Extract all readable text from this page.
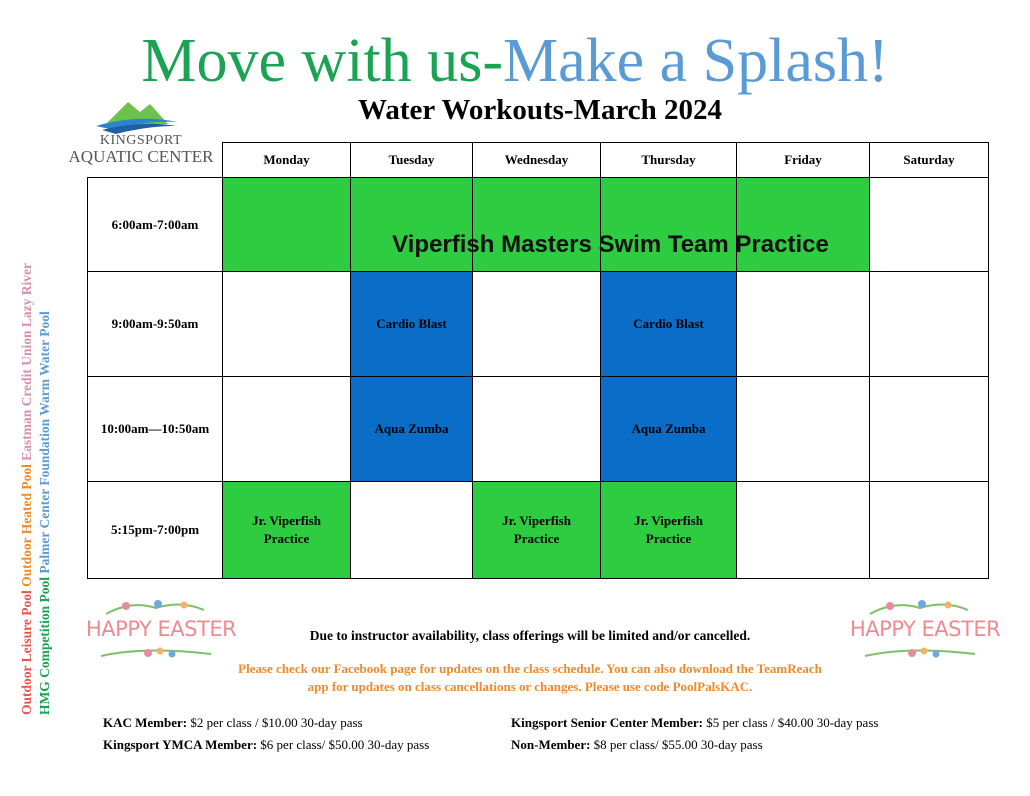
Move with us-Make a Splash!
Water Workouts-March 2024
KINGSPORT
AQUATIC CENTER
Outdoor Leisure Pool Outdoor Heated Pool Eastman Credit Union Lazy River
HMG Competition Pool Palmer Center Foundation Warm Water Pool
	Monday	Tuesday	Wednesday	Thursday	Friday	Saturday
6:00am-7:00am	Viperfish Masters Swim Team Practice					

9:00am-9:50am		Cardio Blast		Cardio Blast		
10:00am—10:50am		Aqua Zumba		Aqua Zumba		
5:15pm-7:00pm	Jr. Viperfish Practice		Jr. Viperfish Practice	Jr. Viperfish Practice		

HAPPY EASTER	HAPPY EASTER
Due to instructor availability, class offerings will be limited and/or cancelled.
Please check our Facebook page for updates on the class schedule. You can also download the TeamReach app for updates on class cancellations or changes. Please use code PoolPalsKAC.
KAC Member: $2 per class / $10.00 30-day pass	Kingsport Senior Center Member: $5 per class / $40.00 30-day pass
Kingsport YMCA Member: $6 per class/ $50.00 30-day pass	Non-Member: $8 per class/ $55.00 30-day pass
